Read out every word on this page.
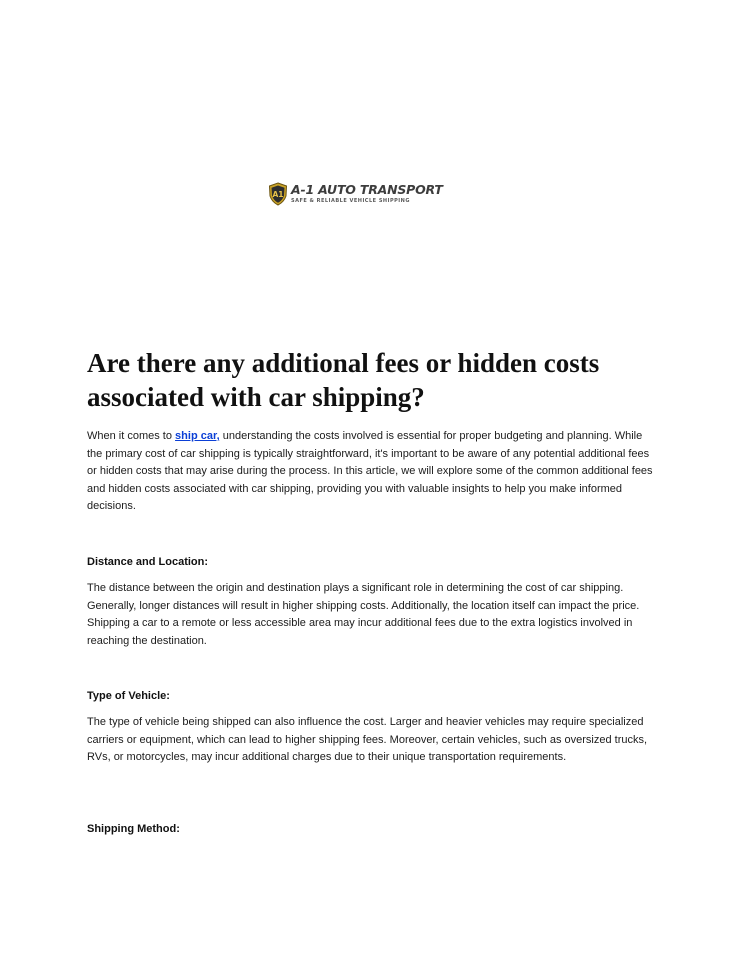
A1 A-1 AUTO TRANSPORT
SAFE & RELIABLE VEHICLE SHIPPING
Are there any additional fees or hidden costs associated with car shipping?

When it comes to ship car, understanding the costs involved is essential for proper budgeting and planning. While the primary cost of car shipping is typically straightforward, it's important to be aware of any potential additional fees or hidden costs that may arise during the process. In this article, we will explore some of the common additional fees and hidden costs associated with car shipping, providing you with valuable insights to help you make informed decisions.

Distance and Location:

The distance between the origin and destination plays a significant role in determining the cost of car shipping. Generally, longer distances will result in higher shipping costs. Additionally, the location itself can impact the price. Shipping a car to a remote or less accessible area may incur additional fees due to the extra logistics involved in reaching the destination.

Type of Vehicle:

The type of vehicle being shipped can also influence the cost. Larger and heavier vehicles may require specialized carriers or equipment, which can lead to higher shipping fees. Moreover, certain vehicles, such as oversized trucks, RVs, or motorcycles, may incur additional charges due to their unique transportation requirements.

Shipping Method:
